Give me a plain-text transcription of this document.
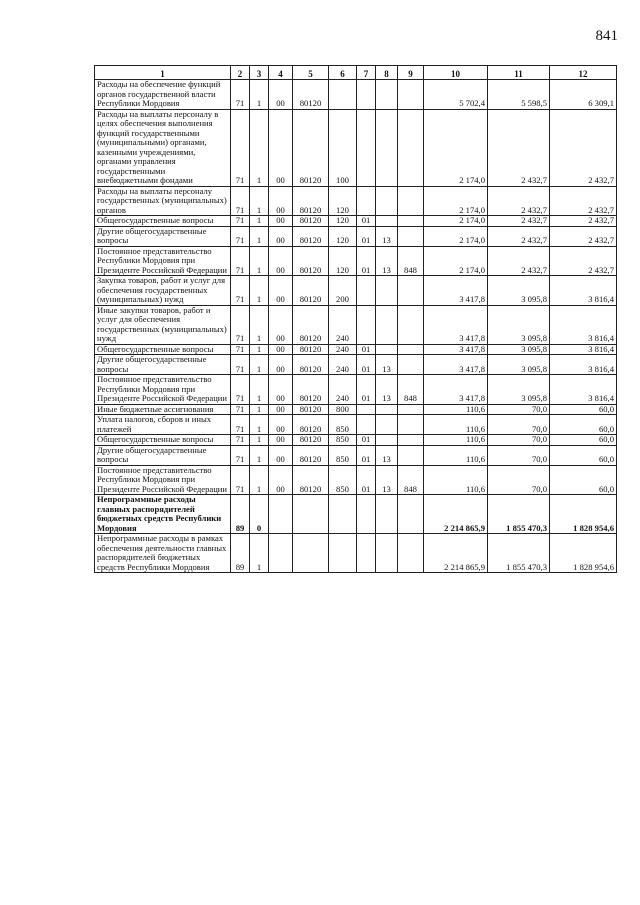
841
1	2	3	4	5	6	7	8	9	10	11	12
Расходы на обеспечение функций органов государственной власти Республики Мордовия	71	1	00	80120					5 702,4	5 598,5	6 309,1
Расходы на выплаты персоналу в целях обеспечения выполнения функций государственными (муниципальными) органами, казенными учреждениями, органами управления государственными внебюджетными фондами	71	1	00	80120	100				2 174,0	2 432,7	2 432,7
Расходы на выплаты персоналу государственных (муниципальных) органов	71	1	00	80120	120				2 174,0	2 432,7	2 432,7
Общегосударственные вопросы	71	1	00	80120	120	01			2 174,0	2 432,7	2 432,7
Другие общегосударственные вопросы	71	1	00	80120	120	01	13		2 174,0	2 432,7	2 432,7
Постоянное представительство Республики Мордовия при Президенте Российской Федерации	71	1	00	80120	120	01	13	848	2 174,0	2 432,7	2 432,7
Закупка товаров, работ и услуг для обеспечения государственных (муниципальных) нужд	71	1	00	80120	200				3 417,8	3 095,8	3 816,4
Иные закупки товаров, работ и услуг для обеспечения государственных (муниципальных) нужд	71	1	00	80120	240				3 417,8	3 095,8	3 816,4
Общегосударственные вопросы	71	1	00	80120	240	01			3 417,8	3 095,8	3 816,4
Другие общегосударственные вопросы	71	1	00	80120	240	01	13		3 417,8	3 095,8	3 816,4
Постоянное представительство Республики Мордовия при Президенте Российской Федерации	71	1	00	80120	240	01	13	848	3 417,8	3 095,8	3 816,4
Иные бюджетные ассигнования	71	1	00	80120	800				110,6	70,0	60,0
Уплата налогов, сборов и иных платежей	71	1	00	80120	850				110,6	70,0	60,0
Общегосударственные вопросы	71	1	00	80120	850	01			110,6	70,0	60,0
Другие общегосударственные вопросы	71	1	00	80120	850	01	13		110,6	70,0	60,0
Постоянное представительство Республики Мордовия при Президенте Российской Федерации	71	1	00	80120	850	01	13	848	110,6	70,0	60,0
Непрограммные расходы главных распорядителей бюджетных средств Республики Мордовия	89	0							2 214 865,9	1 855 470,3	1 828 954,6
Непрограммные расходы в рамках обеспечения деятельности главных распорядителей бюджетных средств Республики Мордовия	89	1							2 214 865,9	1 855 470,3	1 828 954,6
